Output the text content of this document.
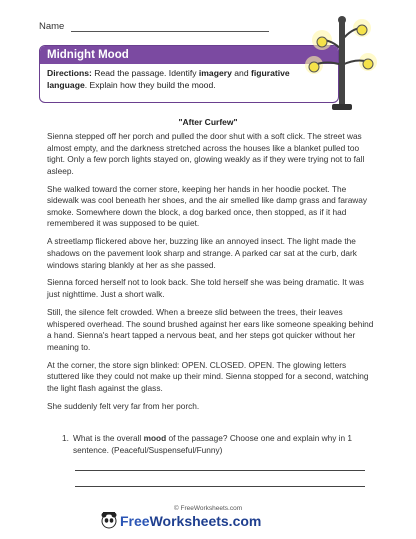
Name
Midnight Mood
Directions: Read the passage. Identify imagery and figurative language. Explain how they build the mood.
"After Curfew"

Sienna stepped off her porch and pulled the door shut with a soft click. The street was almost empty, and the darkness stretched across the houses like a blanket pulled too tight. Only a few porch lights stayed on, glowing weakly as if they were trying not to fall asleep.

She walked toward the corner store, keeping her hands in her hoodie pocket. The sidewalk was cool beneath her shoes, and the air smelled like damp grass and faraway smoke. Somewhere down the block, a dog barked once, then stopped, as if it had remembered it was supposed to be quiet.

A streetlamp flickered above her, buzzing like an annoyed insect. The light made the shadows on the pavement look sharp and strange. A parked car sat at the curb, dark windows staring blankly at her as she passed.

Sienna forced herself not to look back. She told herself she was being dramatic. It was just nighttime. Just a short walk.

Still, the silence felt crowded. When a breeze slid between the trees, their leaves whispered overhead. The sound brushed against her ears like someone speaking behind a hand. Sienna's heart tapped a nervous beat, and her steps got quicker without her meaning to.

At the corner, the store sign blinked: OPEN. CLOSED. OPEN. The glowing letters stuttered like they could not make up their mind. Sienna stopped for a second, watching the light flash against the glass.

She suddenly felt very far from her porch.

1. What is the overall mood of the passage? Choose one and explain why in 1 sentence. (Peaceful/Suspenseful/Funny)
© FreeWorksheets.com
FreeWorksheets.com
